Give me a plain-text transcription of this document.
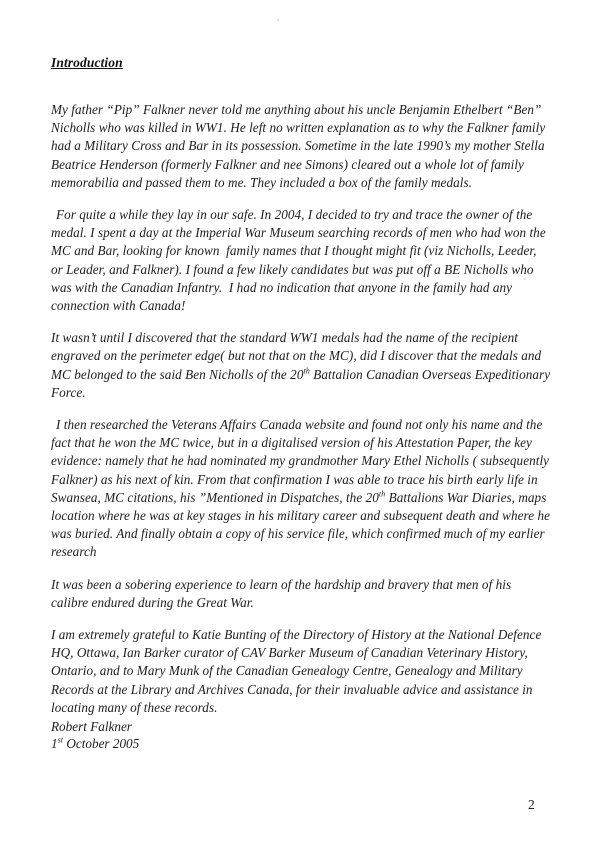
Introduction

My father “Pip” Falkner never told me anything about his uncle Benjamin Ethelbert “Ben” Nicholls who was killed in WW1. He left no written explanation as to why the Falkner family had a Military Cross and Bar in its possession. Sometime in the late 1990’s my mother Stella Beatrice Henderson (formerly Falkner and nee Simons) cleared out a whole lot of family memorabilia and passed them to me. They included a box of the family medals.

For quite a while they lay in our safe. In 2004, I decided to try and trace the owner of the medal. I spent a day at the Imperial War Museum searching records of men who had won the MC and Bar, looking for known  family names that I thought might fit (viz Nicholls, Leeder, or Leader, and Falkner). I found a few likely candidates but was put off a BE Nicholls who was with the Canadian Infantry.  I had no indication that anyone in the family had any connection with Canada!

It wasn’t until I discovered that the standard WW1 medals had the name of the recipient engraved on the perimeter edge( but not that on the MC), did I discover that the medals and MC belonged to the said Ben Nicholls of the 20th Battalion Canadian Overseas Expeditionary Force.

I then researched the Veterans Affairs Canada website and found not only his name and the fact that he won the MC twice, but in a digitalised version of his Attestation Paper, the key evidence: namely that he had nominated my grandmother Mary Ethel Nicholls ( subsequently Falkner) as his next of kin. From that confirmation I was able to trace his birth early life in Swansea, MC citations, his ”Mentioned in Dispatches, the 20th Battalions War Diaries, maps location where he was at key stages in his military career and subsequent death and where he was buried. And finally obtain a copy of his service file, which confirmed much of my earlier research

It was been a sobering experience to learn of the hardship and bravery that men of his calibre endured during the Great War.

I am extremely grateful to Katie Bunting of the Directory of History at the National Defence HQ, Ottawa, Ian Barker curator of CAV Barker Museum of Canadian Veterinary History, Ontario, and to Mary Munk of the Canadian Genealogy Centre, Genealogy and Military Records at the Library and Archives Canada, for their invaluable advice and assistance in locating many of these records.

Robert Falkner
1st October 2005
2
